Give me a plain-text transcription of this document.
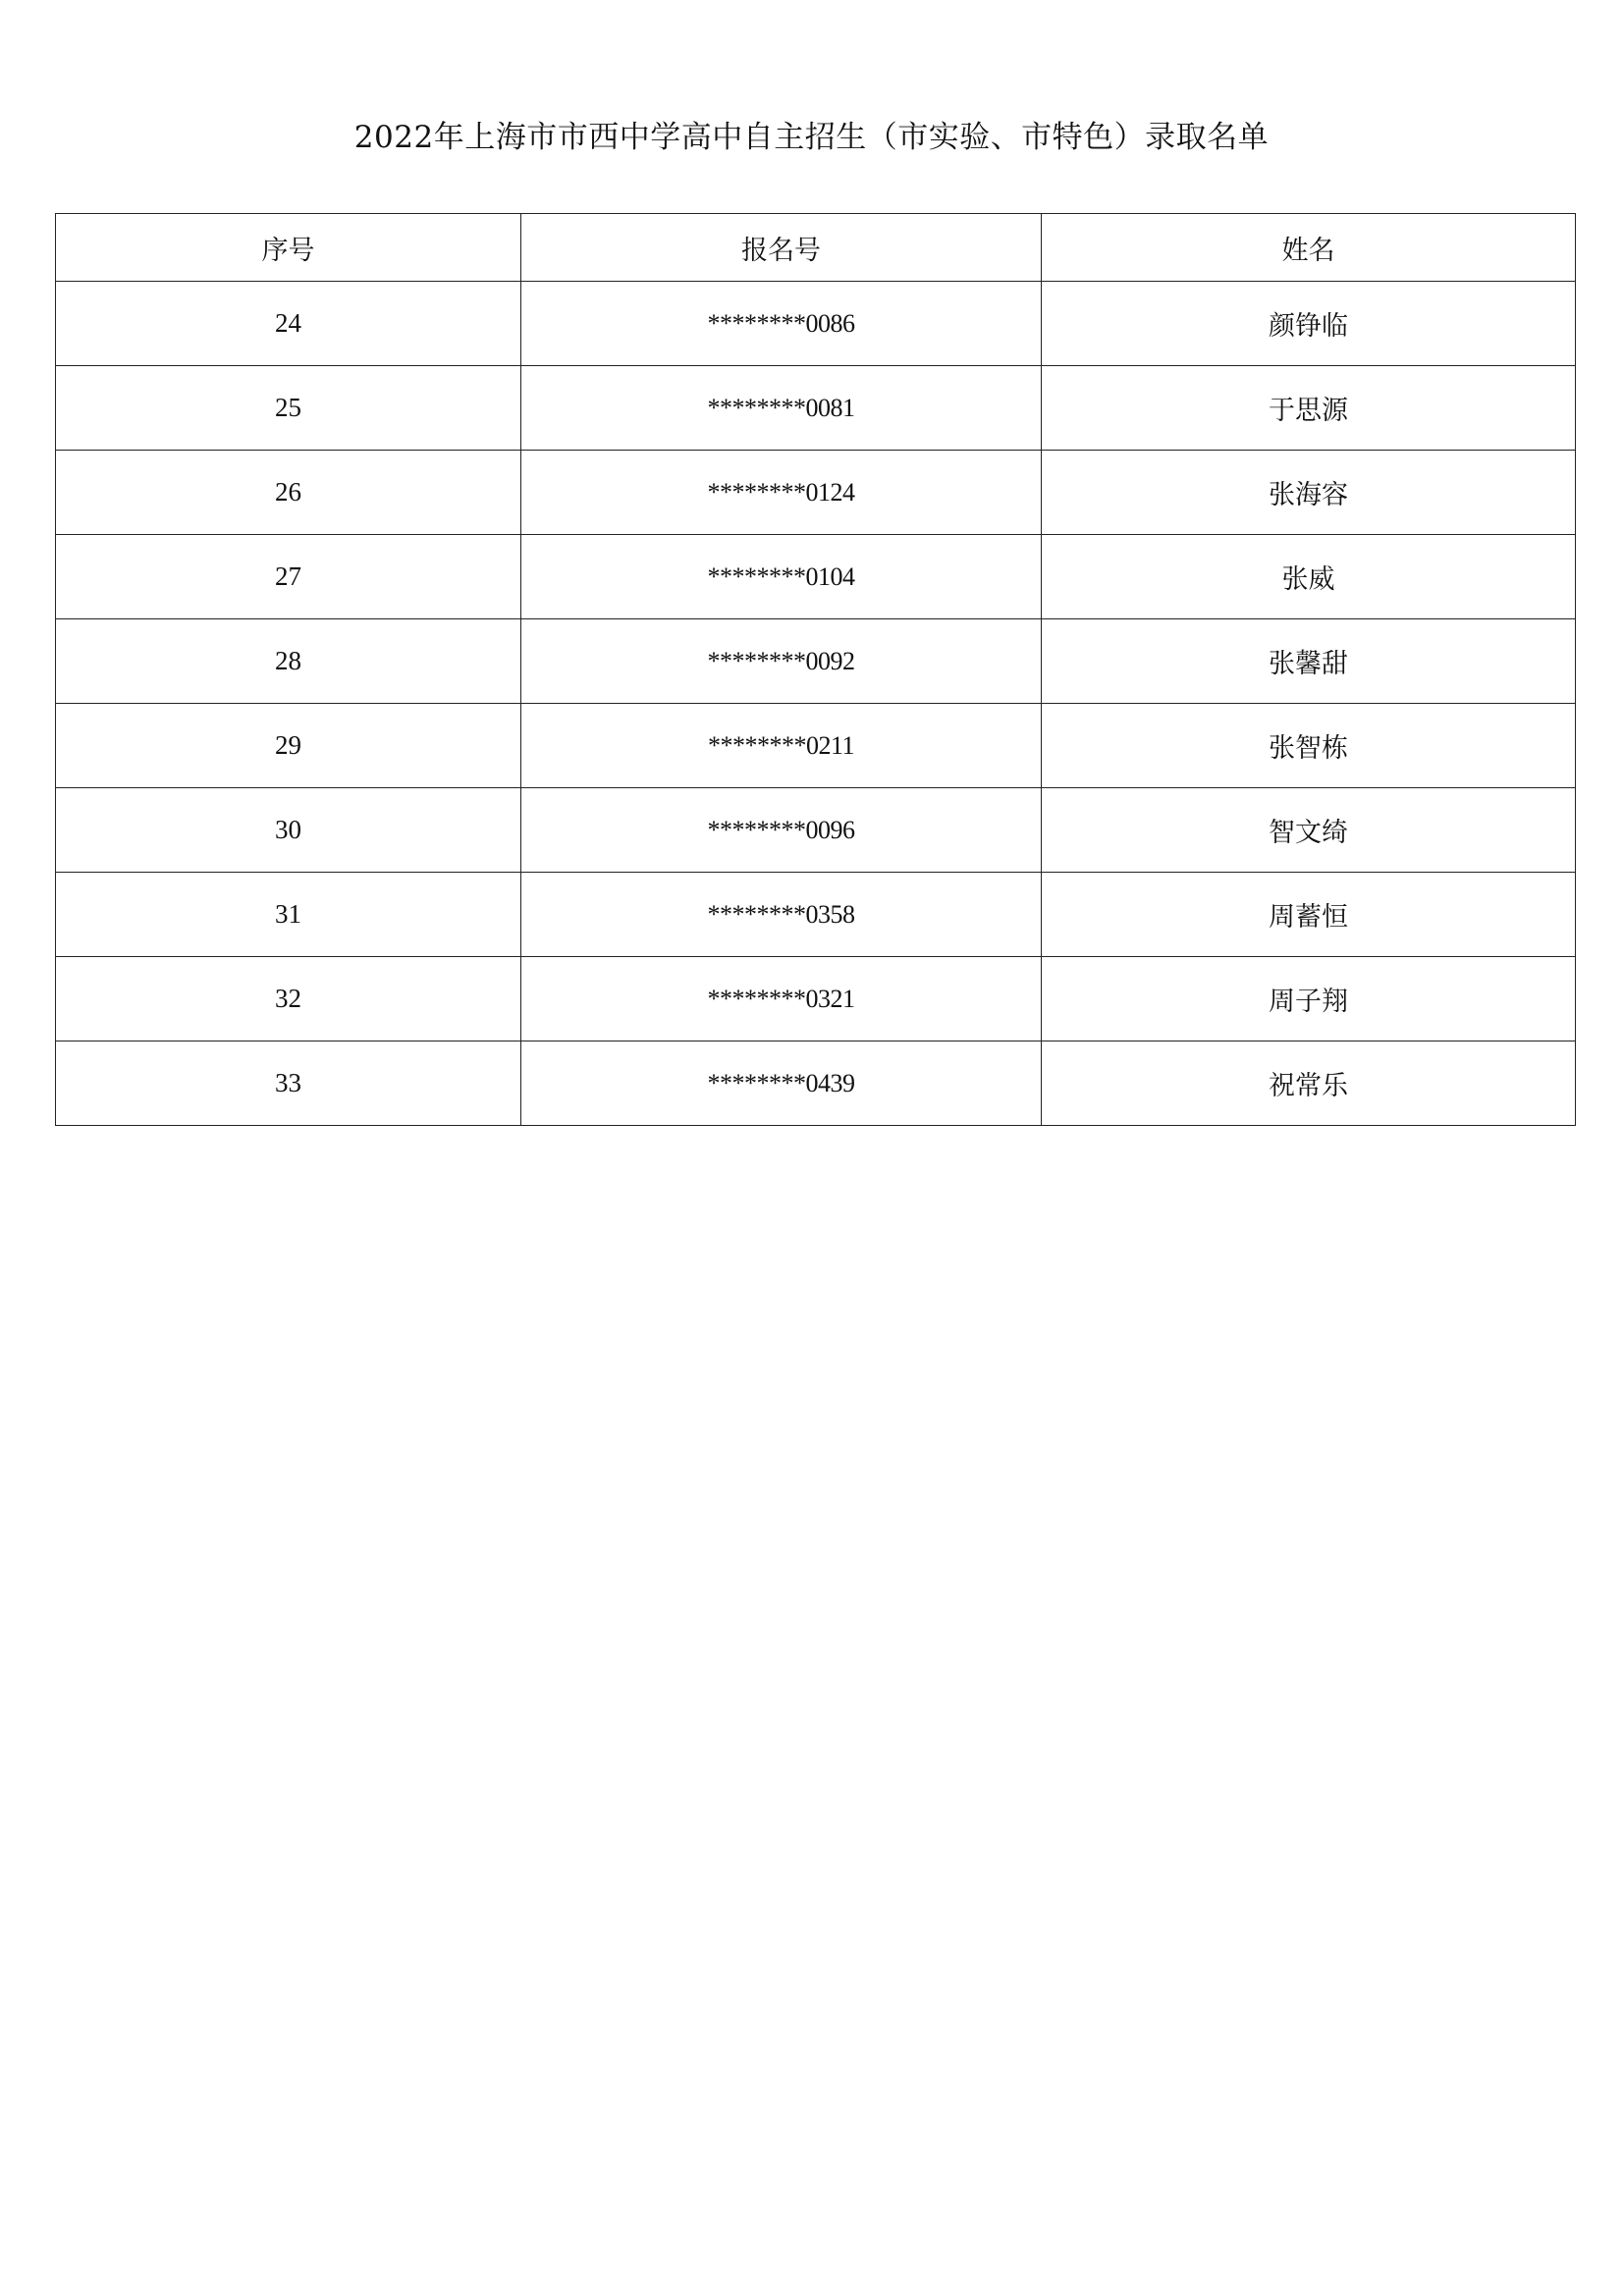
2022年上海市市西中学高中自主招生（市实验、市特色）录取名单
序号	报名号	姓名
24	********0086	颜铮临
25	********0081	于思源
26	********0124	张海容
27	********0104	张威
28	********0092	张馨甜
29	********0211	张智栋
30	********0096	智文绮
31	********0358	周蓄恒
32	********0321	周子翔
33	********0439	祝常乐
